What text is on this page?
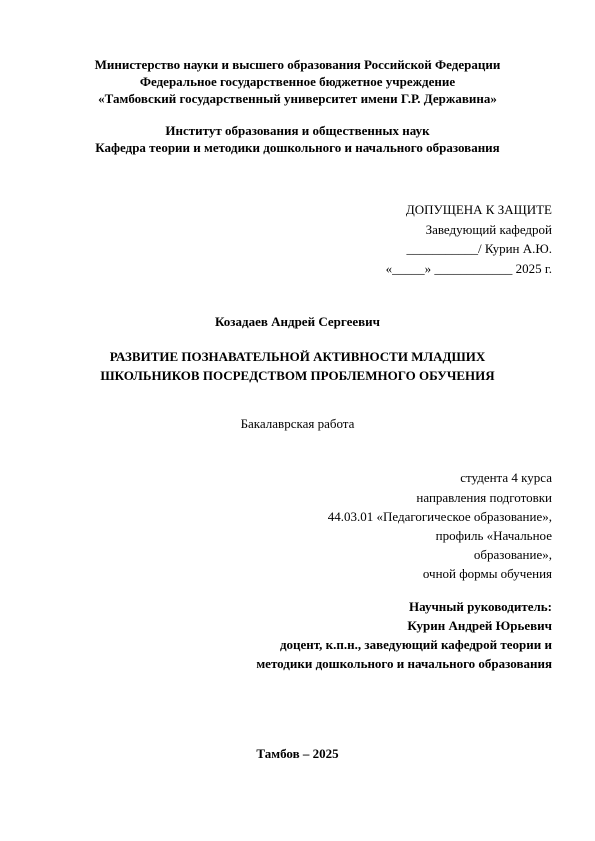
Министерство науки и высшего образования Российской Федерации
Федеральное государственное бюджетное учреждение
«Тамбовский государственный университет имени Г.Р. Державина»
Институт образования и общественных наук
Кафедра теории и методики дошкольного и начального образования
ДОПУЩЕНА К ЗАЩИТЕ
Заведующий кафедрой
___________/ Курин А.Ю.
«_____» ____________ 2025 г.
Козадаев Андрей Сергеевич
РАЗВИТИЕ ПОЗНАВАТЕЛЬНОЙ АКТИВНОСТИ МЛАДШИХ
ШКОЛЬНИКОВ ПОСРЕДСТВОМ ПРОБЛЕМНОГО ОБУЧЕНИЯ
Бакалаврская работа
студента 4 курса
направления подготовки
44.03.01 «Педагогическое образование»,
профиль «Начальное
образование»,
очной формы обучения
Научный руководитель:
Курин Андрей Юрьевич
доцент, к.п.н., заведующий кафедрой теории и
методики дошкольного и начального образования
Тамбов – 2025
